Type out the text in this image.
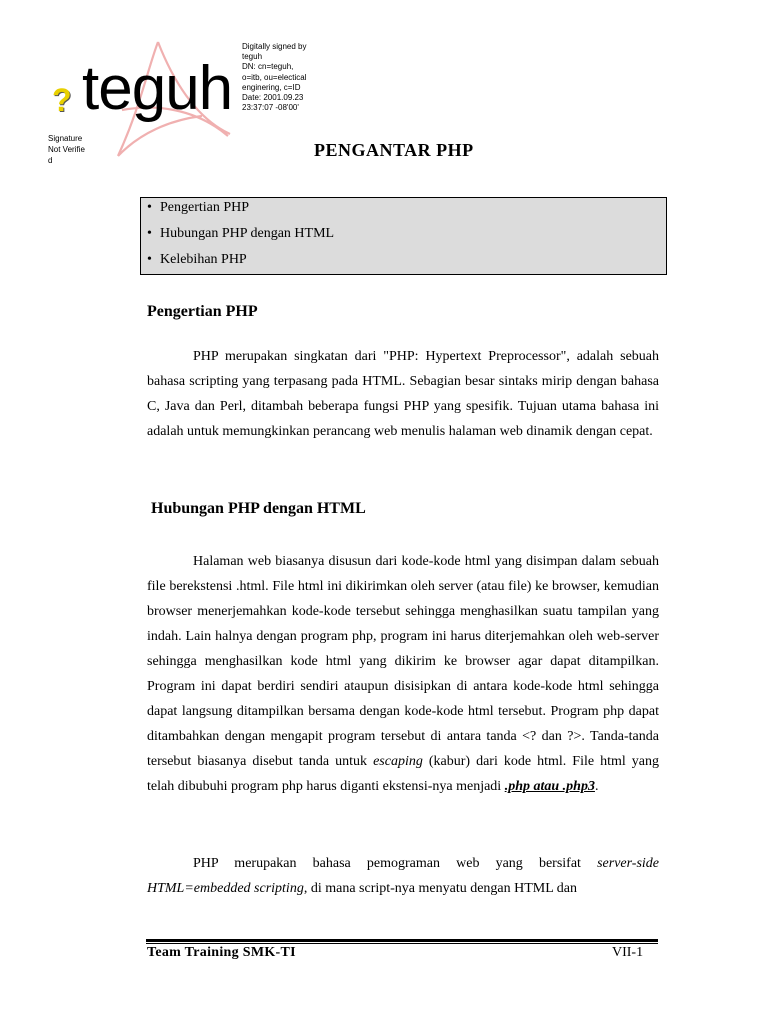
? teguh
Signature Not Verified
Digitally signed by teguh
DN: cn=teguh, o=itb, ou=electical enginering, c=ID
Date: 2001.09.23 23:37:07 -08'00'
PENGANTAR PHP
• Pengertian PHP
• Hubungan PHP dengan HTML
• Kelebihan PHP
Pengertian PHP
PHP merupakan singkatan dari "PHP: Hypertext Preprocessor", adalah sebuah bahasa scripting yang terpasang pada HTML. Sebagian besar sintaks mirip dengan bahasa C, Java dan Perl, ditambah beberapa fungsi PHP yang spesifik. Tujuan utama bahasa ini adalah untuk memungkinkan perancang web menulis halaman web dinamik dengan cepat.
Hubungan PHP dengan HTML
Halaman web biasanya disusun dari kode-kode html yang disimpan dalam sebuah file berekstensi .html. File html ini dikirimkan oleh server (atau file) ke browser, kemudian browser menerjemahkan kode-kode tersebut sehingga menghasilkan suatu tampilan yang indah. Lain halnya dengan program php, program ini harus diterjemahkan oleh web-server sehingga menghasilkan kode html yang dikirim ke browser agar dapat ditampilkan. Program ini dapat berdiri sendiri ataupun disisipkan di antara kode-kode html sehingga dapat langsung ditampilkan bersama dengan kode-kode html tersebut. Program php dapat ditambahkan dengan mengapit program tersebut di antara tanda <? dan ?>. Tanda-tanda tersebut biasanya disebut tanda untuk escaping (kabur) dari kode html. File html yang telah dibubuhi program php harus diganti ekstensi-nya menjadi .php atau .php3.
PHP merupakan bahasa pemograman web yang bersifat server-side HTML=embedded scripting, di mana script-nya menyatu dengan HTML dan
Team Training SMK-TI	VII-1
